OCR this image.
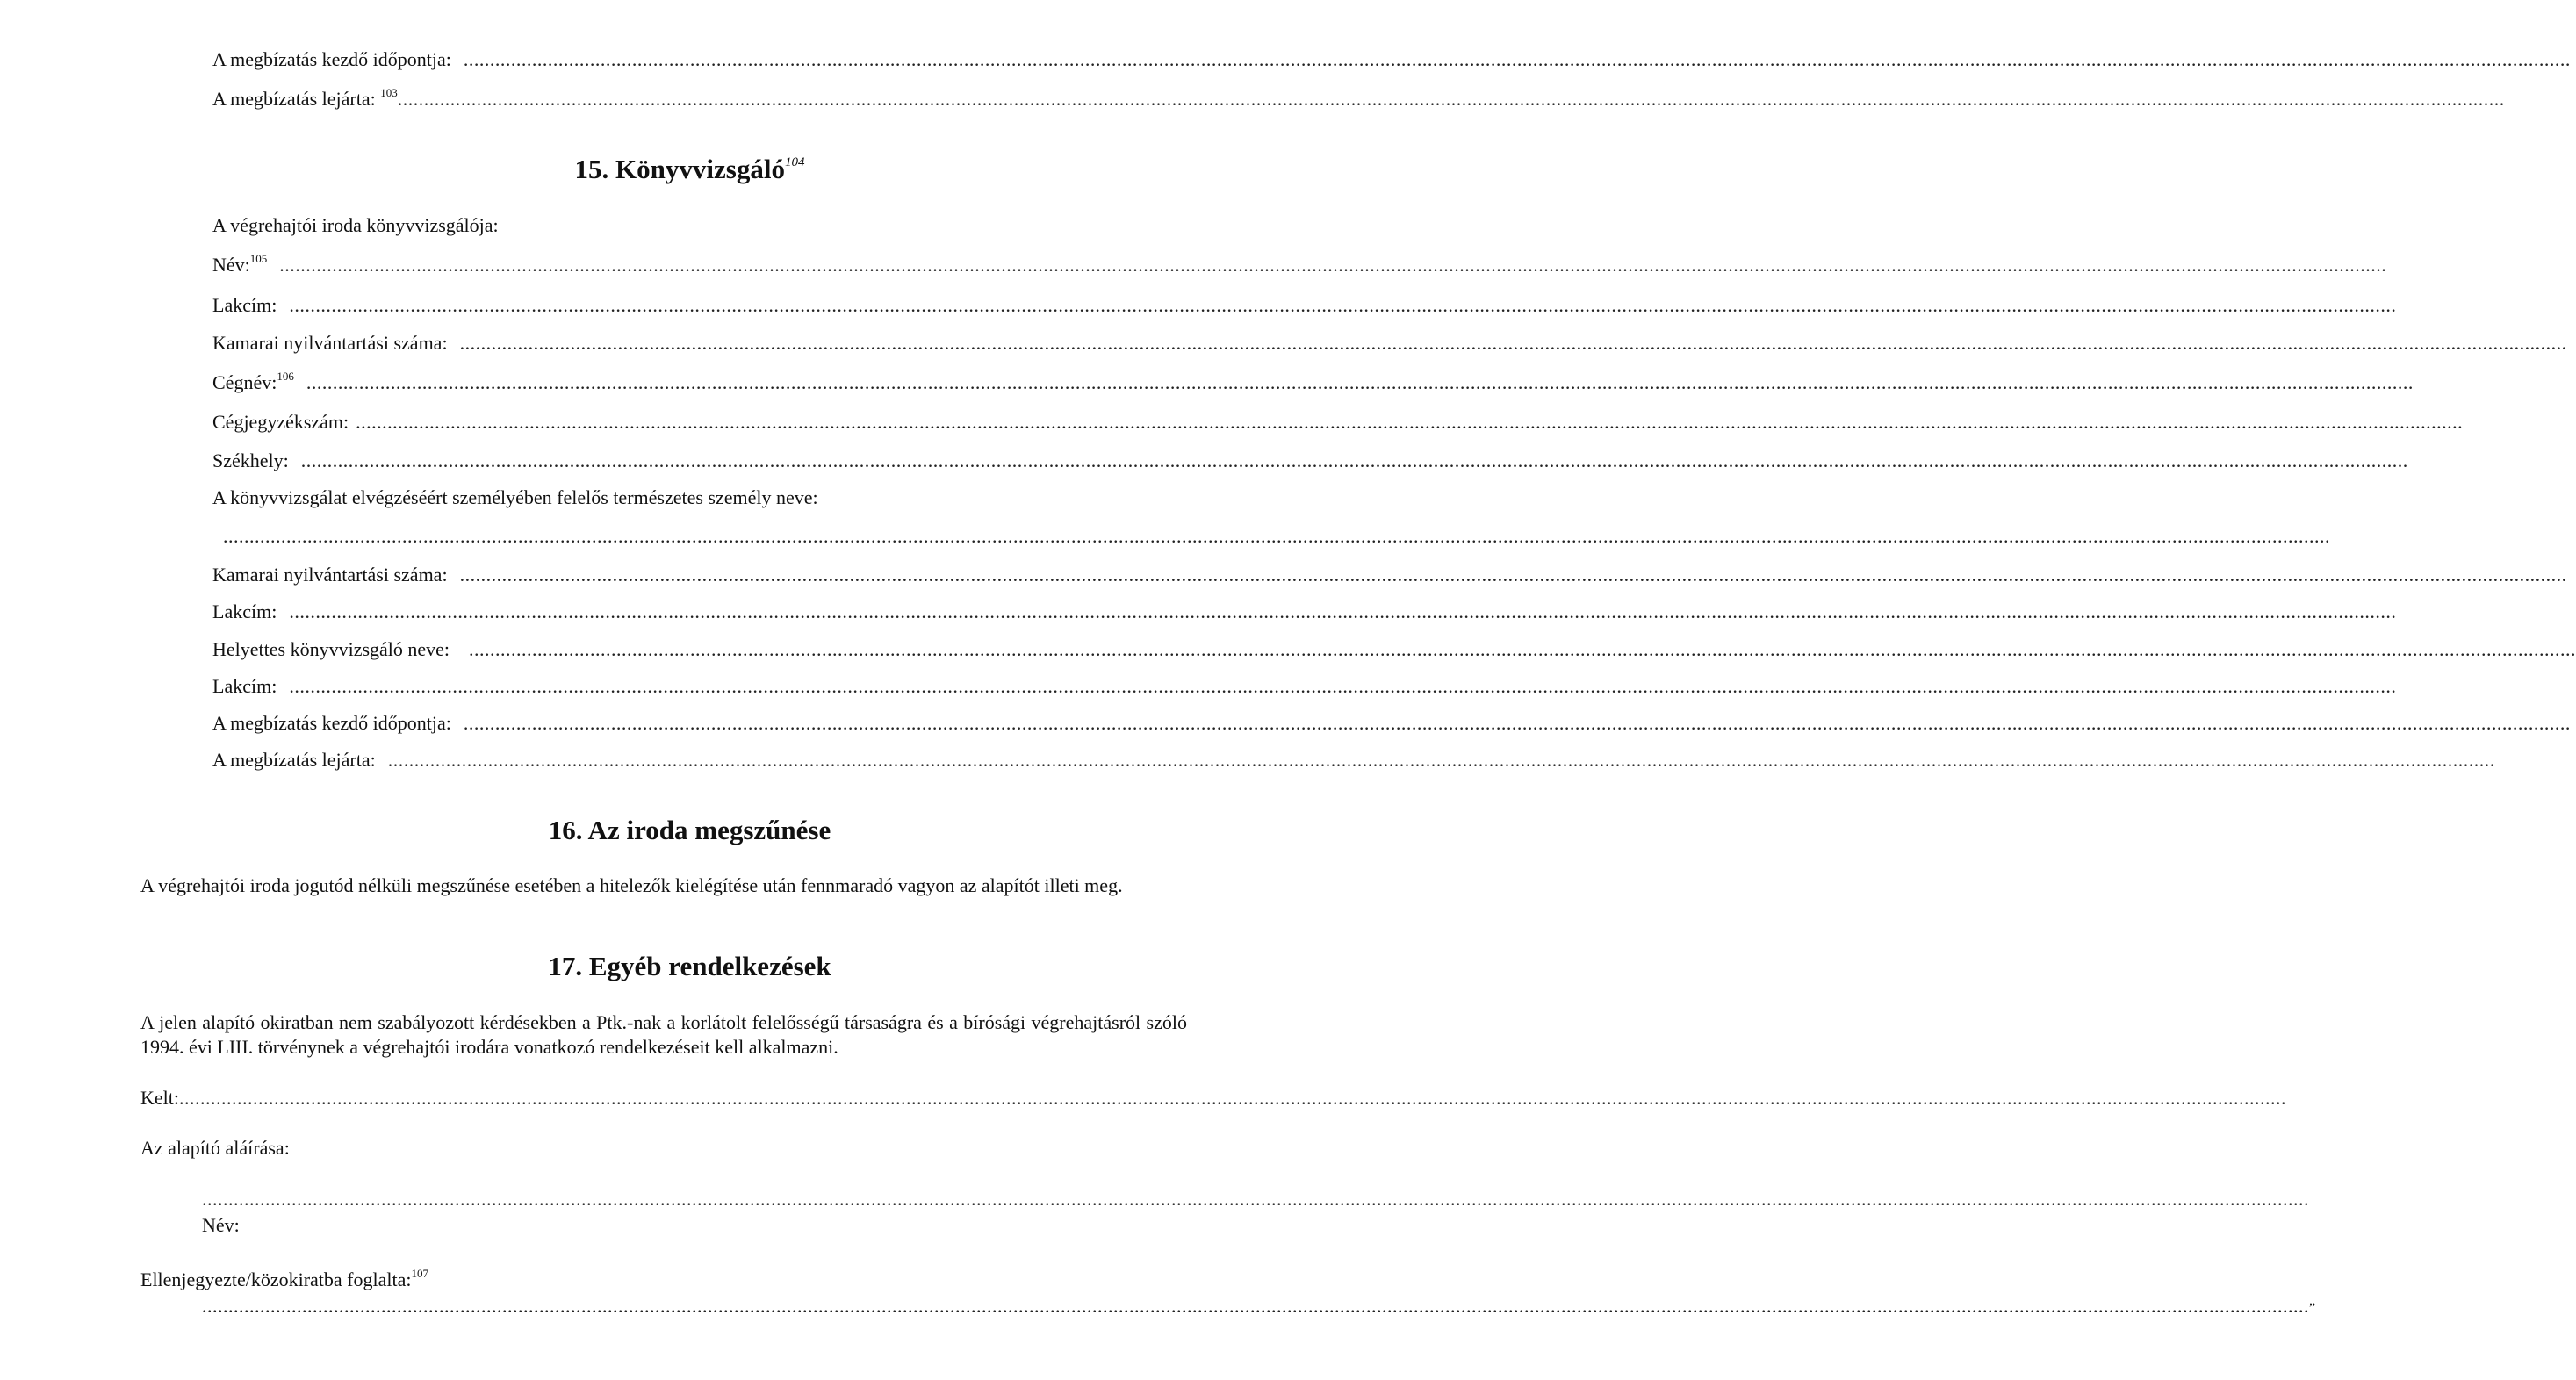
A megbízatás kezdő időpontja: ................................................................................................................................................................................................................................................................................................................................................................................................................
A megbízatás lejárta: $^{103}$ ................................................................................................................................................................................................................................................................................................................................................................................................................
15. Könyvvizsgáló$^{104}$
A végrehajtói iroda könyvvizsgálója:
Név:$^{105}$ ................................................................................................................................................................................................................................................................................................................................................................................................................
Lakcím: ................................................................................................................................................................................................................................................................................................................................................................................................................
Kamarai nyilvántartási száma: ................................................................................................................................................................................................................................................................................................................................................................................................................
Cégnév:$^{106}$ ................................................................................................................................................................................................................................................................................................................................................................................................................
Cégjegyzékszám: ................................................................................................................................................................................................................................................................................................................................................................................................................
Székhely: ................................................................................................................................................................................................................................................................................................................................................................................................................
A könyvvizsgálat elvégzéséért személyében felelős természetes személy neve:
................................................................................................................................................................................................................................................................................................................................................................................................................
Kamarai nyilvántartási száma: ................................................................................................................................................................................................................................................................................................................................................................................................................
Lakcím: ................................................................................................................................................................................................................................................................................................................................................................................................................
Helyettes könyvvizsgáló neve: ................................................................................................................................................................................................................................................................................................................................................................................................................
Lakcím: ................................................................................................................................................................................................................................................................................................................................................................................................................
A megbízatás kezdő időpontja: ................................................................................................................................................................................................................................................................................................................................................................................................................
A megbízatás lejárta: ................................................................................................................................................................................................................................................................................................................................................................................................................
16. Az iroda megszűnése

A végrehajtói iroda jogutód nélküli megszűnése esetében a hitelezők kielégítése után fennmaradó vagyon az alapítót illeti meg.

17. Egyéb rendelkezések

A jelen alapító okiratban nem szabályozott kérdésekben a Ptk.-nak a korlátolt felelősségű társaságra és a bírósági végrehajtásról szóló 1994. évi LIII. törvénynek a végrehajtói irodára vonatkozó rendelkezéseit kell alkalmazni.

Kelt: ................................................................................................................................................................................................................................................................................................................................................................................................................
Az alapító aláírása:
................................................................................................................................................................................................................................................................................................................................................................................................................
Név:
Ellenjegyezte/közokiratba foglalta:$^{107}$
................................................................................................................................................................................................................................................................................................................................................................................................................ ”
